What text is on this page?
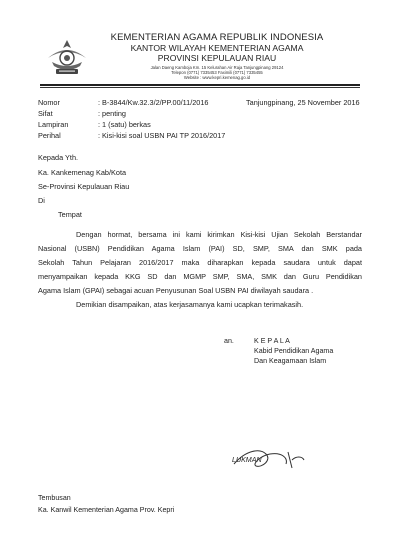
KEMENTERIAN AGAMA REPUBLIK INDONESIA
KANTOR WILAYAH KEMENTERIAN AGAMA
PROVINSI KEPULAUAN RIAU
Jalan Daeng Kamboja Km. 15 Kelurahan Air Raja Tanjungpinang 29124
Telepon (0771) 7335453 Faximili (0771) 7335455
Website : www.kepri.kemenag.go.id
Nomor	: B-3844/Kw.32.3/2/PP.00/11/2016	Tanjungpinang, 25 November 2016
Sifat	: penting
Lampiran	: 1 (satu) berkas
Perihal	: Kisi-kisi soal USBN PAI TP 2016/2017
Kepada Yth.
Ka. Kankemenag Kab/Kota
Se-Provinsi Kepulauan Riau
Di
Tempat
Dengan hormat, bersama ini kami kirimkan Kisi-kisi Ujian Sekolah Berstandar
Nasional (USBN) Pendidikan Agama Islam (PAI) SD, SMP, SMA dan SMK pada
Sekolah Tahun Pelajaran 2016/2017 maka diharapkan kepada saudara untuk dapat
menyampaikan kepada KKG SD dan MGMP SMP, SMA, SMK dan Guru Pendidikan
Agama Islam (GPAI) sebagai acuan Penyusunan Soal USBN PAI diwilayah saudara .
Demikian disampaikan, atas kerjasamanya kami ucapkan terimakasih.
an.	K E P A L A
Kabid Pendidikan Agama
Dan Keagamaan Islam
LUKMAN
Tembusan
Ka. Kanwil Kementerian Agama Prov. Kepri
